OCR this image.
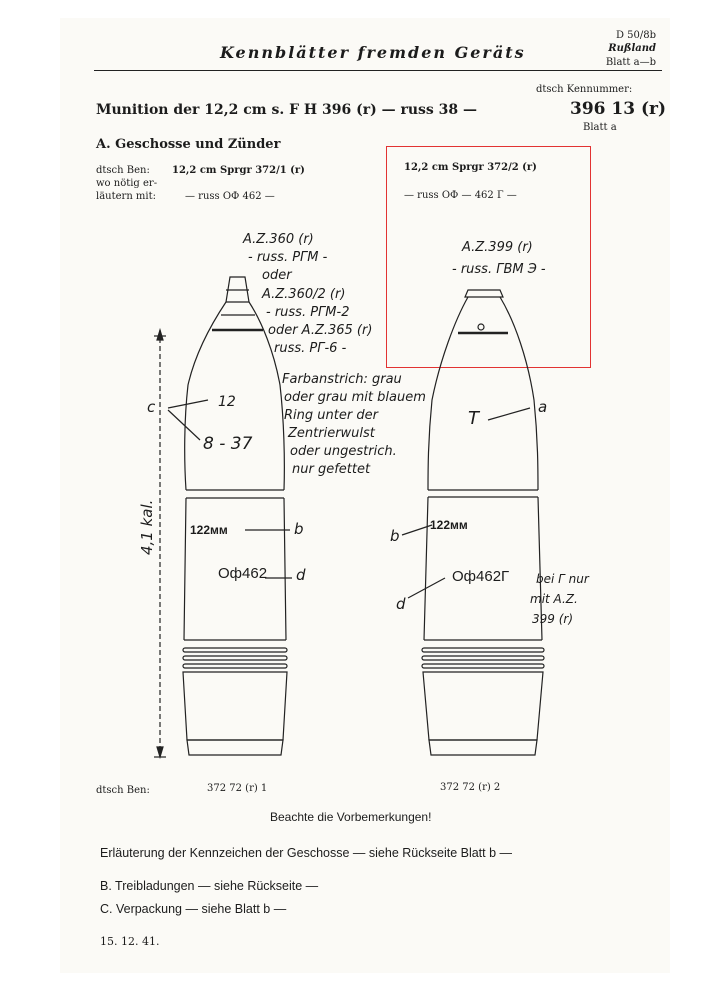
Kennblätter fremden Geräts
D 50/8b
Rußland
Blatt a—b
Munition der 12,2 cm s. F H 396 (r) — russ 38 —
dtsch Kennummer:
396 13 (r)
Blatt a
A. Geschosse und Zünder
dtsch Ben: 12,2 cm Sprgr 372/1 (r)
wo nötig er-
läutern mit:	— russ ОФ 462 —
12,2 cm Sprgr 372/2 (r)
— russ ОФ — 462 Г —
A.Z.360 (r)
- russ. РГМ -
oder
A.Z.360/2 (r)
- russ. РГМ-2
oder A.Z.365 (r)
russ. РГ-6 -
Farbanstrich: grau
oder grau mit blauem
Ring unter der
Zentrierwulst
oder ungestrich.
nur gefettet
c	12
8 - 37
4,1 kal.	122мм	b
Оф462 d
A.Z.399 (r)
- russ. ГВМ Э -
Т
a
b
122мм
Оф462Г
d
bei Г nur
mit A.Z.
399 (r)
dtsch Ben:	372 72 (r) 1	372 72 (r) 2
Beachte die Vorbemerkungen!
Erläuterung der Kennzeichen der Geschosse — siehe Rückseite Blatt b —
B. Treibladungen — siehe Rückseite —
C. Verpackung — siehe Blatt b —
15. 12. 41.
